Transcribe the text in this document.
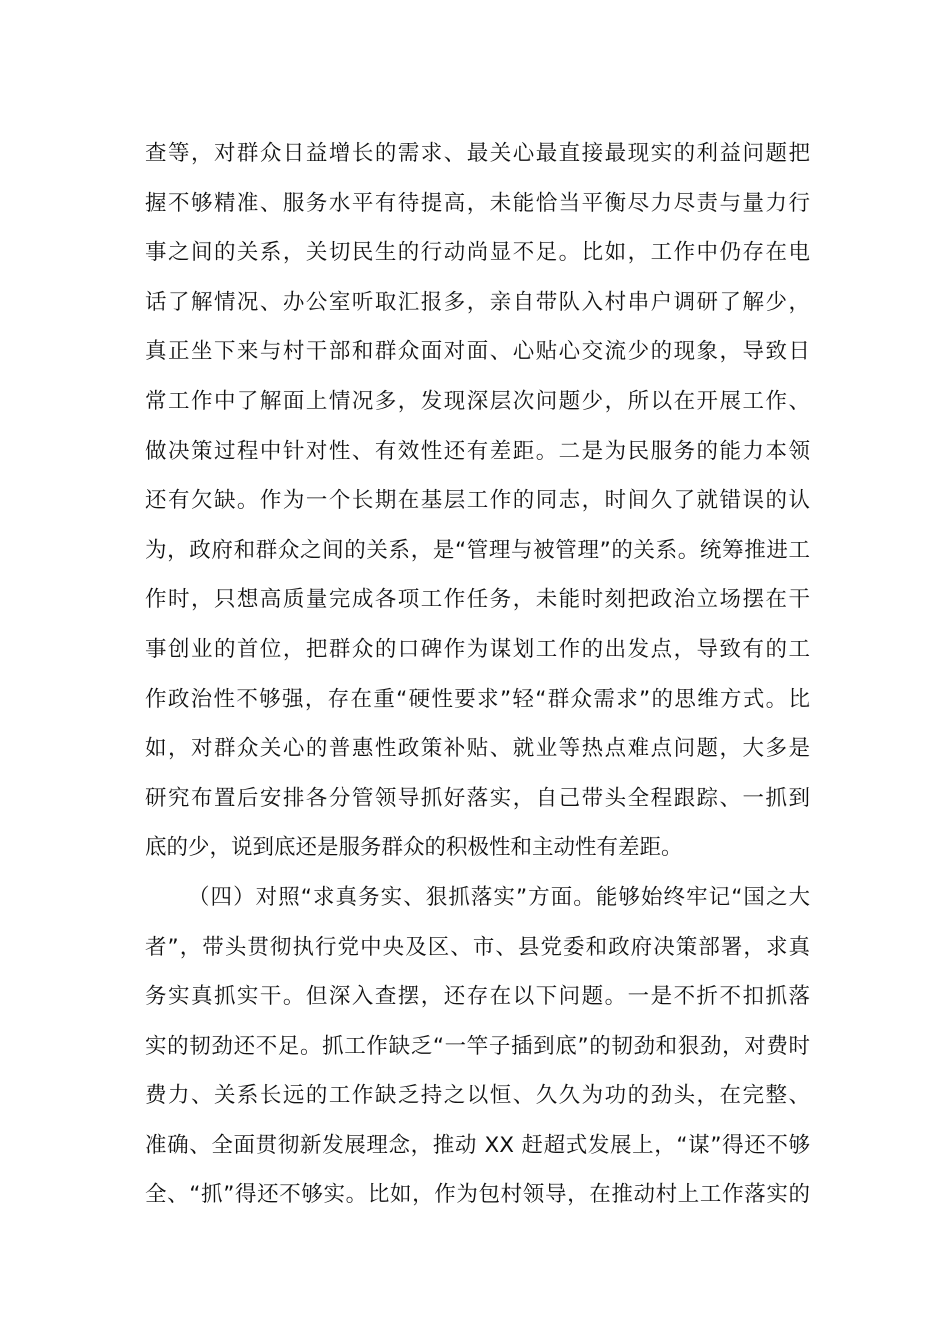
查等，对群众日益增长的需求、最关心最直接最现实的利益问题把
握不够精准、服务水平有待提高，未能恰当平衡尽力尽责与量力行
事之间的关系，关切民生的行动尚显不足。比如，工作中仍存在电
话了解情况、办公室听取汇报多，亲自带队入村串户调研了解少，
真正坐下来与村干部和群众面对面、心贴心交流少的现象，导致日
常工作中了解面上情况多，发现深层次问题少，所以在开展工作、
做决策过程中针对性、有效性还有差距。二是为民服务的能力本领
还有欠缺。作为一个长期在基层工作的同志，时间久了就错误的认
为，政府和群众之间的关系，是“管理与被管理”的关系。统筹推进工
作时，只想高质量完成各项工作任务，未能时刻把政治立场摆在干
事创业的首位，把群众的口碑作为谋划工作的出发点，导致有的工
作政治性不够强，存在重“硬性要求”轻“群众需求”的思维方式。比
如，对群众关心的普惠性政策补贴、就业等热点难点问题，大多是
研究布置后安排各分管领导抓好落实，自己带头全程跟踪、一抓到
底的少，说到底还是服务群众的积极性和主动性有差距。
（四）对照“求真务实、狠抓落实”方面。能够始终牢记“国之大
者”，带头贯彻执行党中央及区、市、县党委和政府决策部署，求真
务实真抓实干。但深入查摆，还存在以下问题。一是不折不扣抓落
实的韧劲还不足。抓工作缺乏“一竿子插到底”的韧劲和狠劲，对费时
费力、关系长远的工作缺乏持之以恒、久久为功的劲头，在完整、
准确、全面贯彻新发展理念，推动 XX 赶超式发展上，“谋”得还不够
全、“抓”得还不够实。比如，作为包村领导，在推动村上工作落实的
